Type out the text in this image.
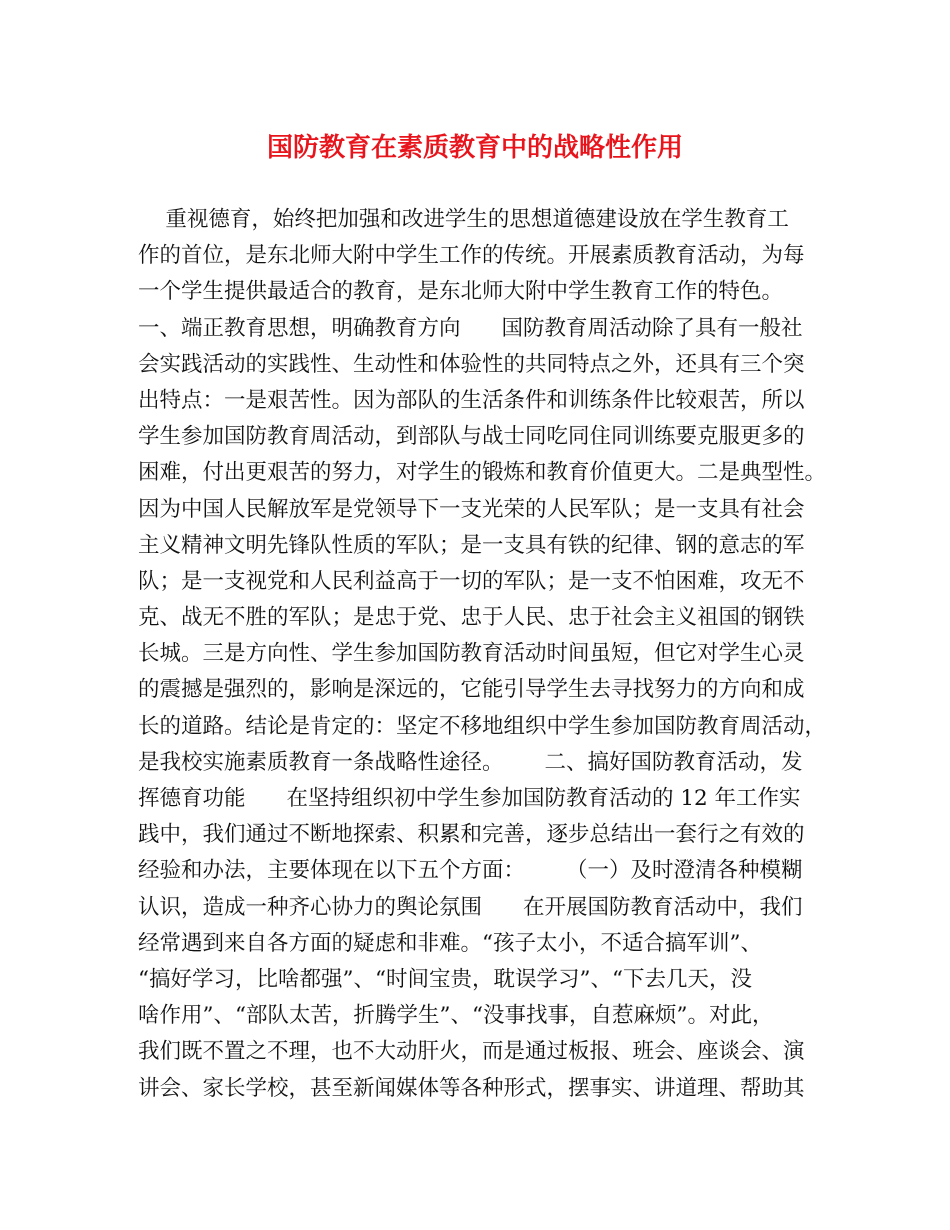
国防教育在素质教育中的战略性作用
重视德育，始终把加强和改进学生的思想道德建设放在学生教育工
作的首位，是东北师大附中学生工作的传统。开展素质教育活动，为每
一个学生提供最适合的教育，是东北师大附中学生教育工作的特色。
一、端正教育思想，明确教育方向      国防教育周活动除了具有一般社
会实践活动的实践性、生动性和体验性的共同特点之外，还具有三个突
出特点：一是艰苦性。因为部队的生活条件和训练条件比较艰苦，所以
学生参加国防教育周活动，到部队与战士同吃同住同训练要克服更多的
困难，付出更艰苦的努力，对学生的锻炼和教育价值更大。二是典型性。
因为中国人民解放军是党领导下一支光荣的人民军队；是一支具有社会
主义精神文明先锋队性质的军队；是一支具有铁的纪律、钢的意志的军
队；是一支视党和人民利益高于一切的军队；是一支不怕困难，攻无不
克、战无不胜的军队；是忠于党、忠于人民、忠于社会主义祖国的钢铁
长城。三是方向性、学生参加国防教育活动时间虽短，但它对学生心灵
的震撼是强烈的，影响是深远的，它能引导学生去寻找努力的方向和成
长的道路。结论是肯定的：坚定不移地组织中学生参加国防教育周活动，
是我校实施素质教育一条战略性途径。      二、搞好国防教育活动，发
挥德育功能      在坚持组织初中学生参加国防教育活动的 12 年工作实
践中，我们通过不断地探索、积累和完善，逐步总结出一套行之有效的
经验和办法，主要体现在以下五个方面：      （一）及时澄清各种模糊
认识，造成一种齐心协力的舆论氛围      在开展国防教育活动中，我们
经常遇到来自各方面的疑虑和非难。“孩子太小，不适合搞军训”、
“搞好学习，比啥都强”、“时间宝贵，耽误学习”、“下去几天，没
啥作用”、“部队太苦，折腾学生”、“没事找事，自惹麻烦”。对此，
我们既不置之不理，也不大动肝火，而是通过板报、班会、座谈会、演
讲会、家长学校，甚至新闻媒体等各种形式，摆事实、讲道理、帮助其
